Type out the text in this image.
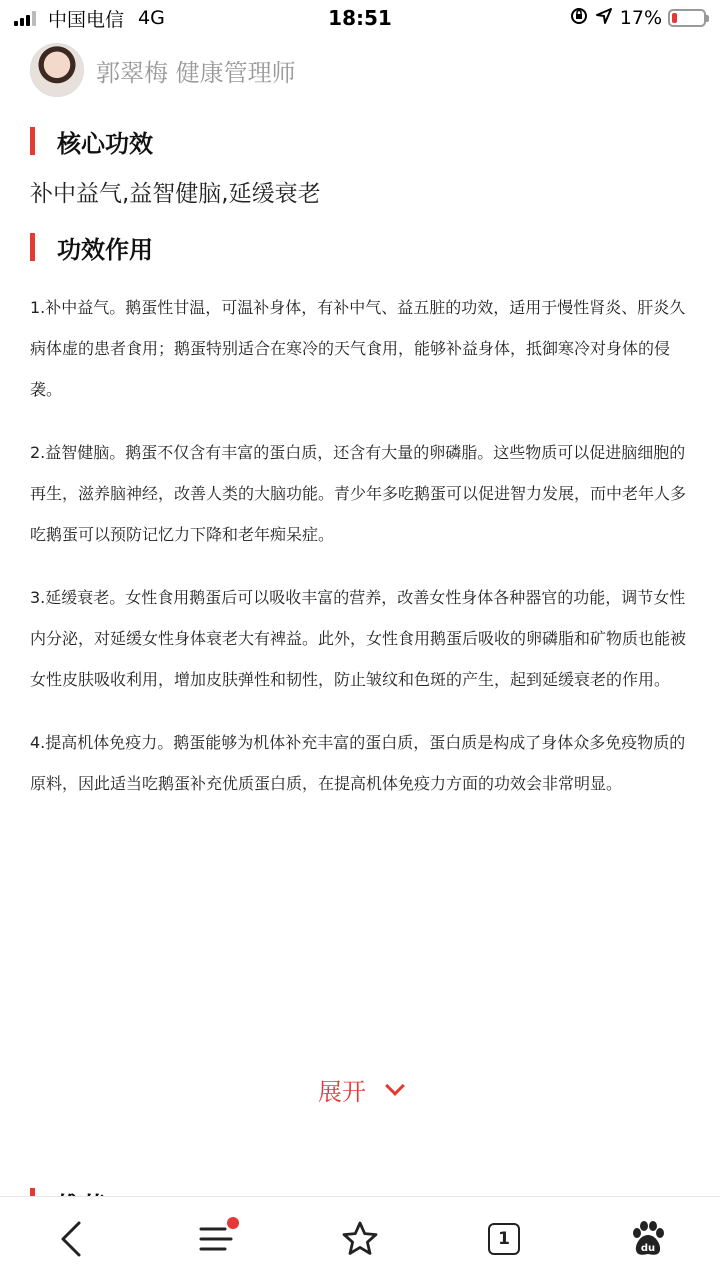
中国电信 4G	18:51	17%
郭翠梅 健康管理师
核心功效
补中益气,益智健脑,延缓衰老
功效作用

1.补中益气。鹅蛋性甘温，可温补身体，有补中气、益五脏的功效，适用于慢性肾炎、肝炎久病体虚的患者食用；鹅蛋特别适合在寒冷的天气食用，能够补益身体，抵御寒冷对身体的侵袭。

2.益智健脑。鹅蛋不仅含有丰富的蛋白质，还含有大量的卵磷脂。这些物质可以促进脑细胞的再生，滋养脑神经，改善人类的大脑功能。青少年多吃鹅蛋可以促进智力发展，而中老年人多吃鹅蛋可以预防记忆力下降和老年痴呆症。

3.延缓衰老。女性食用鹅蛋后可以吸收丰富的营养，改善女性身体各种器官的功能，调节女性内分泌，对延缓女性身体衰老大有裨益。此外，女性食用鹅蛋后吸收的卵磷脂和矿物质也能被女性皮肤吸收利用，增加皮肤弹性和韧性，防止皱纹和色斑的产生，起到延缓衰老的作用。

4.提高机体免疫力。鹅蛋能够为机体补充丰富的蛋白质，蛋白质是构成了身体众多免疫物质的原料，因此适当吃鹅蛋补充优质蛋白质，在提高机体免疫力方面的功效会非常明显。

展开
1	du
